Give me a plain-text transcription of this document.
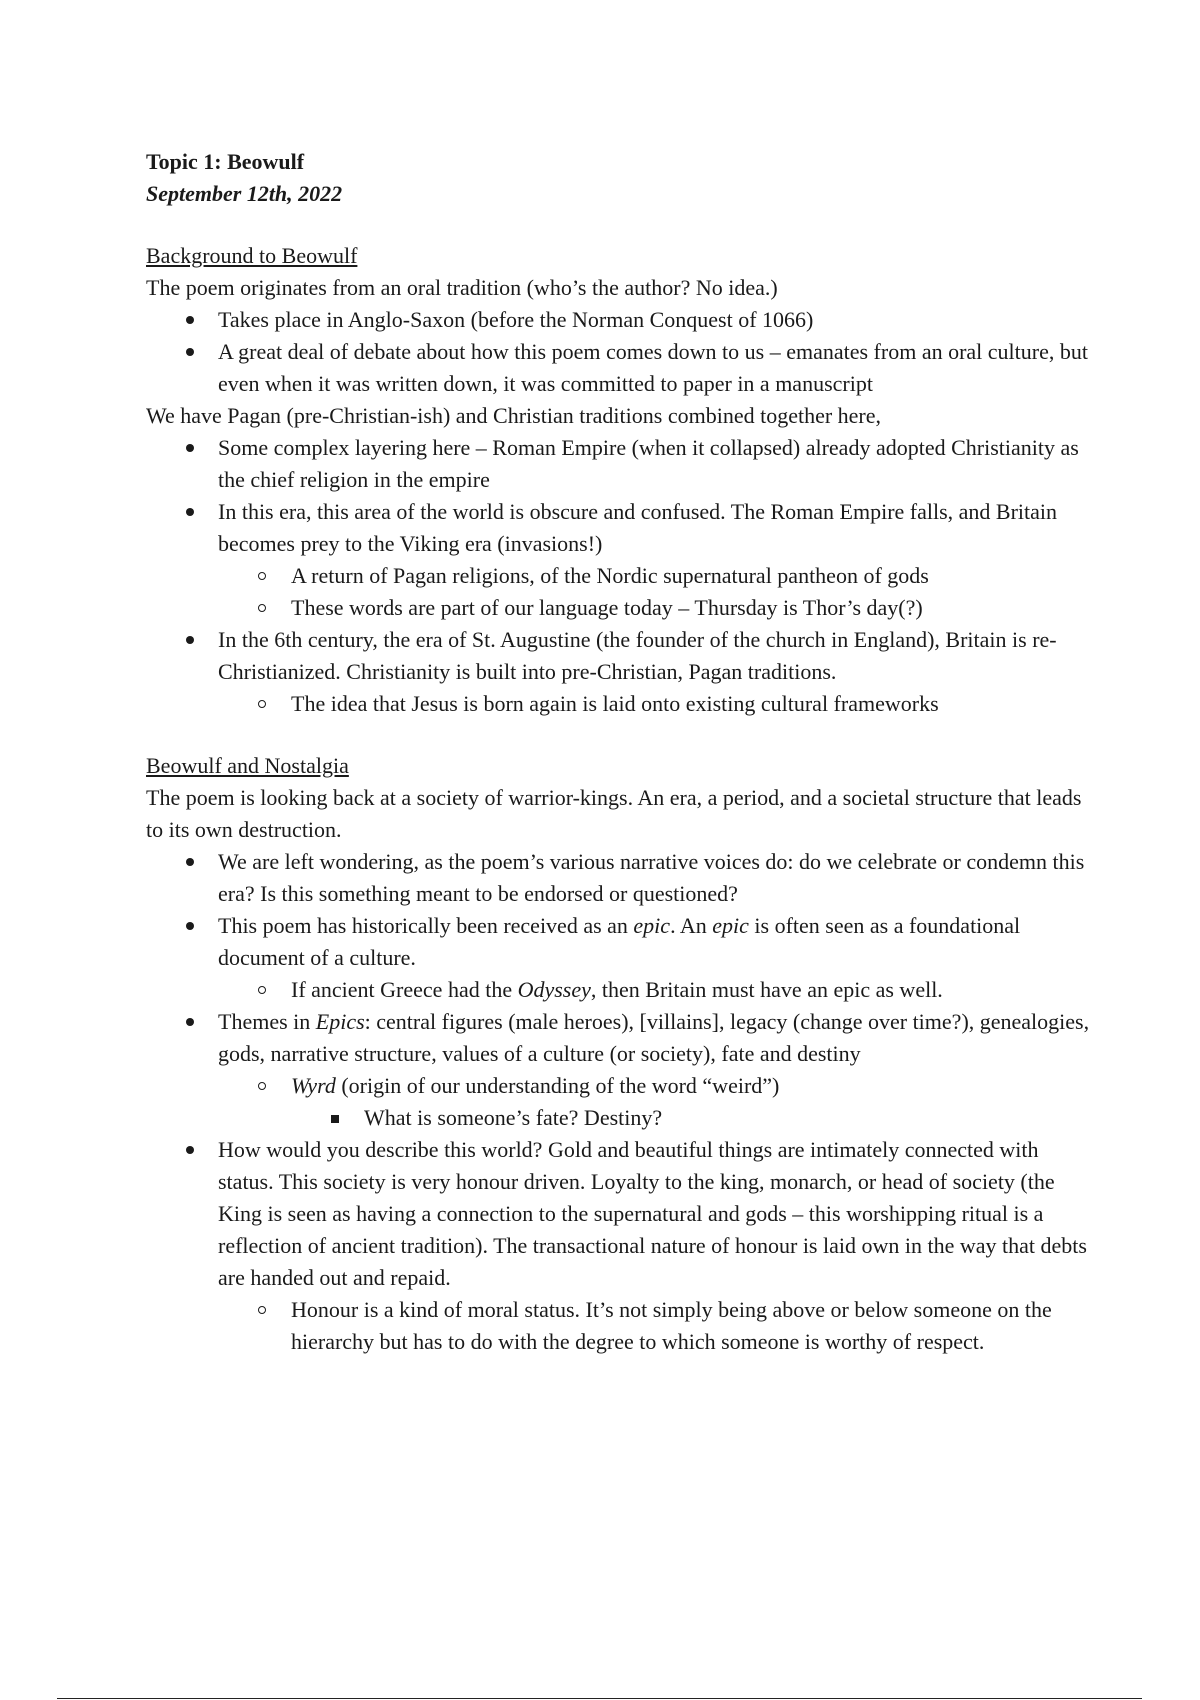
Topic 1: Beowulf
September 12th, 2022
Background to Beowulf
The poem originates from an oral tradition (who’s the author? No idea.)
Takes place in Anglo-Saxon (before the Norman Conquest of 1066)
A great deal of debate about how this poem comes down to us – emanates from an oral culture, but even when it was written down, it was committed to paper in a manuscript
We have Pagan (pre-Christian-ish) and Christian traditions combined together here,
Some complex layering here – Roman Empire (when it collapsed) already adopted Christianity as the chief religion in the empire
In this era, this area of the world is obscure and confused. The Roman Empire falls, and Britain becomes prey to the Viking era (invasions!)
A return of Pagan religions, of the Nordic supernatural pantheon of gods
These words are part of our language today – Thursday is Thor’s day(?)
In the 6th century, the era of St. Augustine (the founder of the church in England), Britain is re-Christianized. Christianity is built into pre-Christian, Pagan traditions.
The idea that Jesus is born again is laid onto existing cultural frameworks
Beowulf and Nostalgia
The poem is looking back at a society of warrior-kings. An era, a period, and a societal structure that leads to its own destruction.
We are left wondering, as the poem’s various narrative voices do: do we celebrate or condemn this era? Is this something meant to be endorsed or questioned?
This poem has historically been received as an epic. An epic is often seen as a foundational document of a culture.
If ancient Greece had the Odyssey, then Britain must have an epic as well.
Themes in Epics: central figures (male heroes), [villains], legacy (change over time?), genealogies, gods, narrative structure, values of a culture (or society), fate and destiny
Wyrd (origin of our understanding of the word “weird”)
What is someone’s fate? Destiny?
How would you describe this world? Gold and beautiful things are intimately connected with status. This society is very honour driven. Loyalty to the king, monarch, or head of society (the King is seen as having a connection to the supernatural and gods – this worshipping ritual is a reflection of ancient tradition). The transactional nature of honour is laid own in the way that debts are handed out and repaid.
Honour is a kind of moral status. It’s not simply being above or below someone on the hierarchy but has to do with the degree to which someone is worthy of respect.
